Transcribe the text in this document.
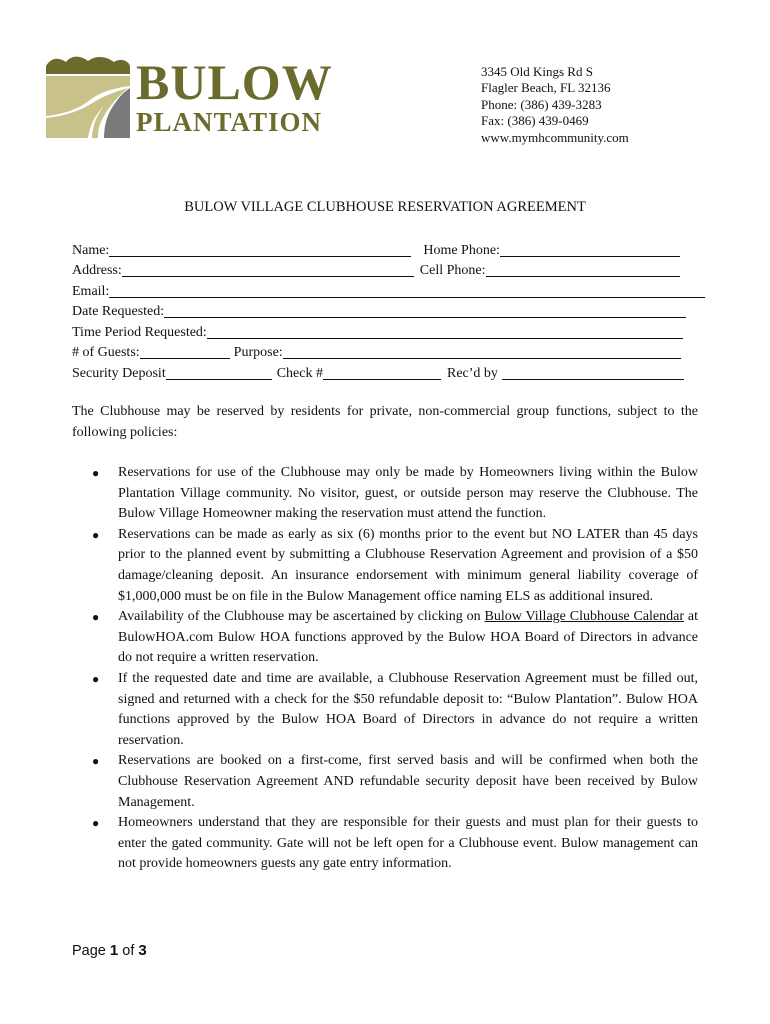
BULOW
PLANTATION
3345 Old Kings Rd S
Flagler Beach, FL 32136
Phone: (386) 439-3283
Fax: (386) 439-0469
www.mymhcommunity.com
BULOW VILLAGE CLUBHOUSE RESERVATION AGREEMENT
Name:	Home Phone:
Address:	Cell Phone:
Email:
Date Requested:
Time Period Requested:
# of Guests:	Purpose:
Security Deposit	Check #	Rec’d by
The Clubhouse may be reserved by residents for private, non-commercial group functions, subject to the following policies:
● Reservations for use of the Clubhouse may only be made by Homeowners living within the Bulow Plantation Village community. No visitor, guest, or outside person may reserve the Clubhouse. The Bulow Village Homeowner making the reservation must attend the function.
● Reservations can be made as early as six (6) months prior to the event but NO LATER than 45 days prior to the planned event by submitting a Clubhouse Reservation Agreement and provision of a $50 damage/cleaning deposit. An insurance endorsement with minimum general liability coverage of $1,000,000 must be on file in the Bulow Management office naming ELS as additional insured.
● Availability of the Clubhouse may be ascertained by clicking on Bulow Village Clubhouse Calendar at BulowHOA.com Bulow HOA functions approved by the Bulow HOA Board of Directors in advance do not require a written reservation.
● If the requested date and time are available, a Clubhouse Reservation Agreement must be filled out, signed and returned with a check for the $50 refundable deposit to: “Bulow Plantation”. Bulow HOA functions approved by the Bulow HOA Board of Directors in advance do not require a written reservation.
● Reservations are booked on a first-come, first served basis and will be confirmed when both the Clubhouse Reservation Agreement AND refundable security deposit have been received by Bulow Management.
● Homeowners understand that they are responsible for their guests and must plan for their guests to enter the gated community. Gate will not be left open for a Clubhouse event. Bulow management can not provide homeowners guests any gate entry information.
Page 1 of 3
